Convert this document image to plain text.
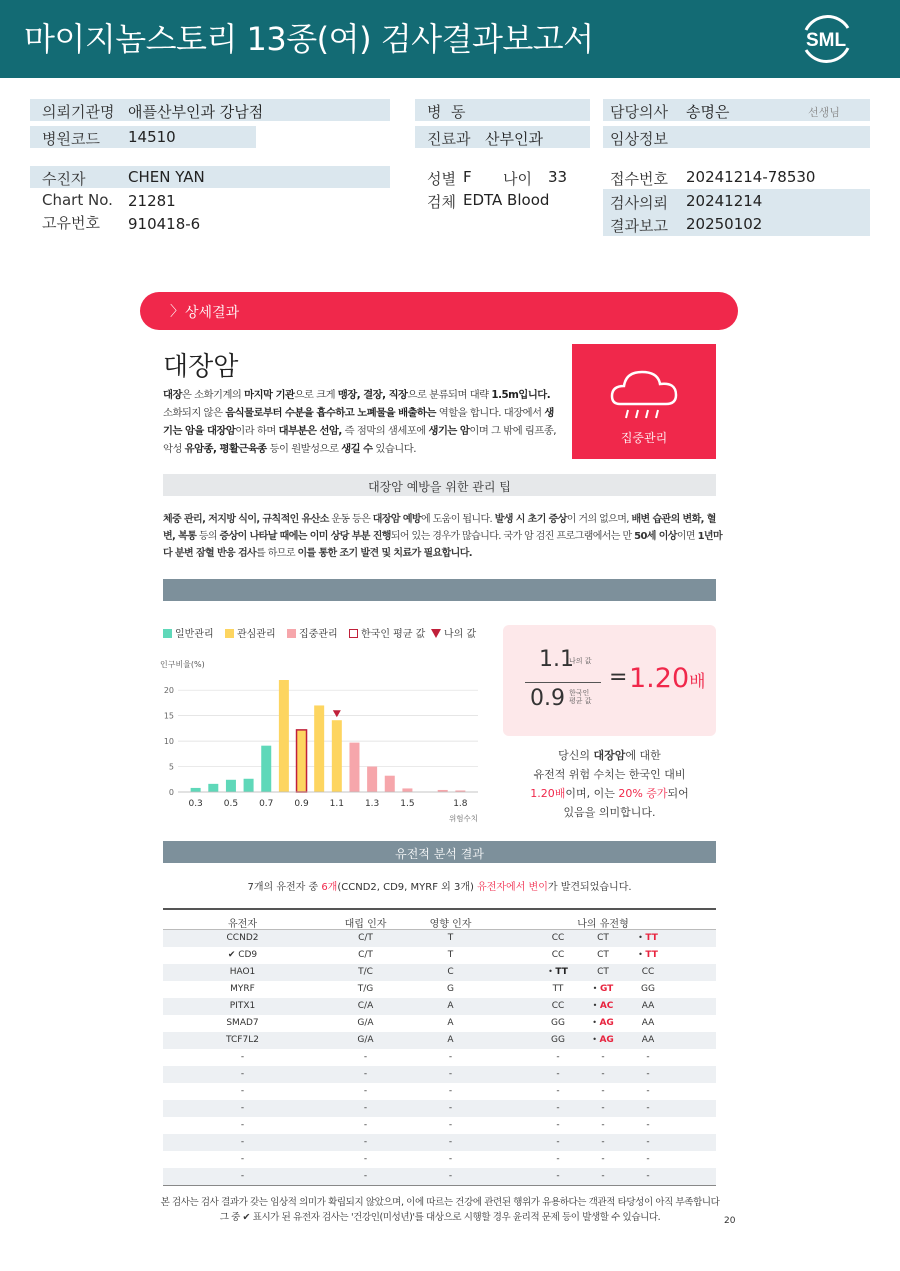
마이지놈스토리 13종(여) 검사결과보고서	SML
의뢰기관명 애플산부인과 강남점
병원코드 14510
병  동
진료과 산부인과
담당의사 송명은	선생님
임상정보
수진자	CHEN YAN
Chart No. 21281
고유번호 910418-6
성별 F 나이 33
검체 EDTA Blood
접수번호 20241214-78530
검사의뢰 20241214
결과보고 20250102
〉 상세결과
대장암
대장은 소화기계의 마지막 기관으로 크게 맹장, 결장, 직장으로 분류되며 대략 1.5m입니다. 소화되지 않은 음식물로부터 수분을 흡수하고 노폐물을 배출하는 역할을 합니다. 대장에서 생기는 암을 대장암이라 하며 대부분은 선암, 즉 점막의 샘세포에 생기는 암이며 그 밖에 림프종, 악성 유암종, 평활근육종 등이 원발성으로 생길 수 있습니다.
집중관리
대장암 예방을 위한 관리 팁
체중 관리, 저지방 식이, 규칙적인 유산소 운동 등은 대장암 예방에 도움이 됩니다. 발생 시 초기 증상이 거의 없으며, 배변 습관의 변화, 혈변, 복통 등의 증상이 나타날 때에는 이미 상당 부분 진행되어 있는 경우가 많습니다. 국가 암 검진 프로그램에서는 만 50세 이상이면 1년마다 분변 잠혈 반응 검사를 하므로 이를 통한 조기 발견 및 치료가 필요합니다.
일반관리	관심관리	집중관리	한국인 평균 값	나의 값
인구비율(%)
0
5
10
15
20
0.3 0.5 0.7 0.9 1.1 1.3 1.5	1.8
위험수치
1.1
나의 값
0.9 한국인
평균 값
= 1.20배
당신의 대장암에 대한
유전적 위험 수치는 한국인 대비
1.20배이며, 이는 20% 증가되어
있음을 의미합니다.
유전적 분석 결과
7개의 유전자 중 6개(CCND2, CD9, MYRF 외 3개) 유전자에서 변이가 발견되었습니다.
유전자	대립 인자	영향 인자	나의 유전형
CCND2	C/T	T	CC	CT	• TT
✔ CD9	C/T	T	CC	CT	• TT
HAO1	T/C	C	• TT	CT	CC
MYRF	T/G	G	TT	• GT	GG
PITX1	C/A	A	CC	• AC	AA
SMAD7	G/A	A	GG	• AG	AA
TCF7L2	G/A	A	GG	• AG	AA
-	-	-	-	-	-
-	-	-	-	-	-
-	-	-	-	-	-
-	-	-	-	-	-
-	-	-	-	-	-
-	-	-	-	-	-
-	-	-	-	-	-
-	-	-	-	-	-
본 검사는 검사 결과가 갖는 임상적 의미가 확립되지 않았으며, 이에 따르는 건강에 관련된 행위가 유용하다는 객관적 타당성이 아직 부족합니다
그 중 ✔ 표시가 된 유전자 검사는 '건강인(미성년)'를 대상으로 시행할 경우 윤리적 문제 등이 발생할 수 있습니다.	20
